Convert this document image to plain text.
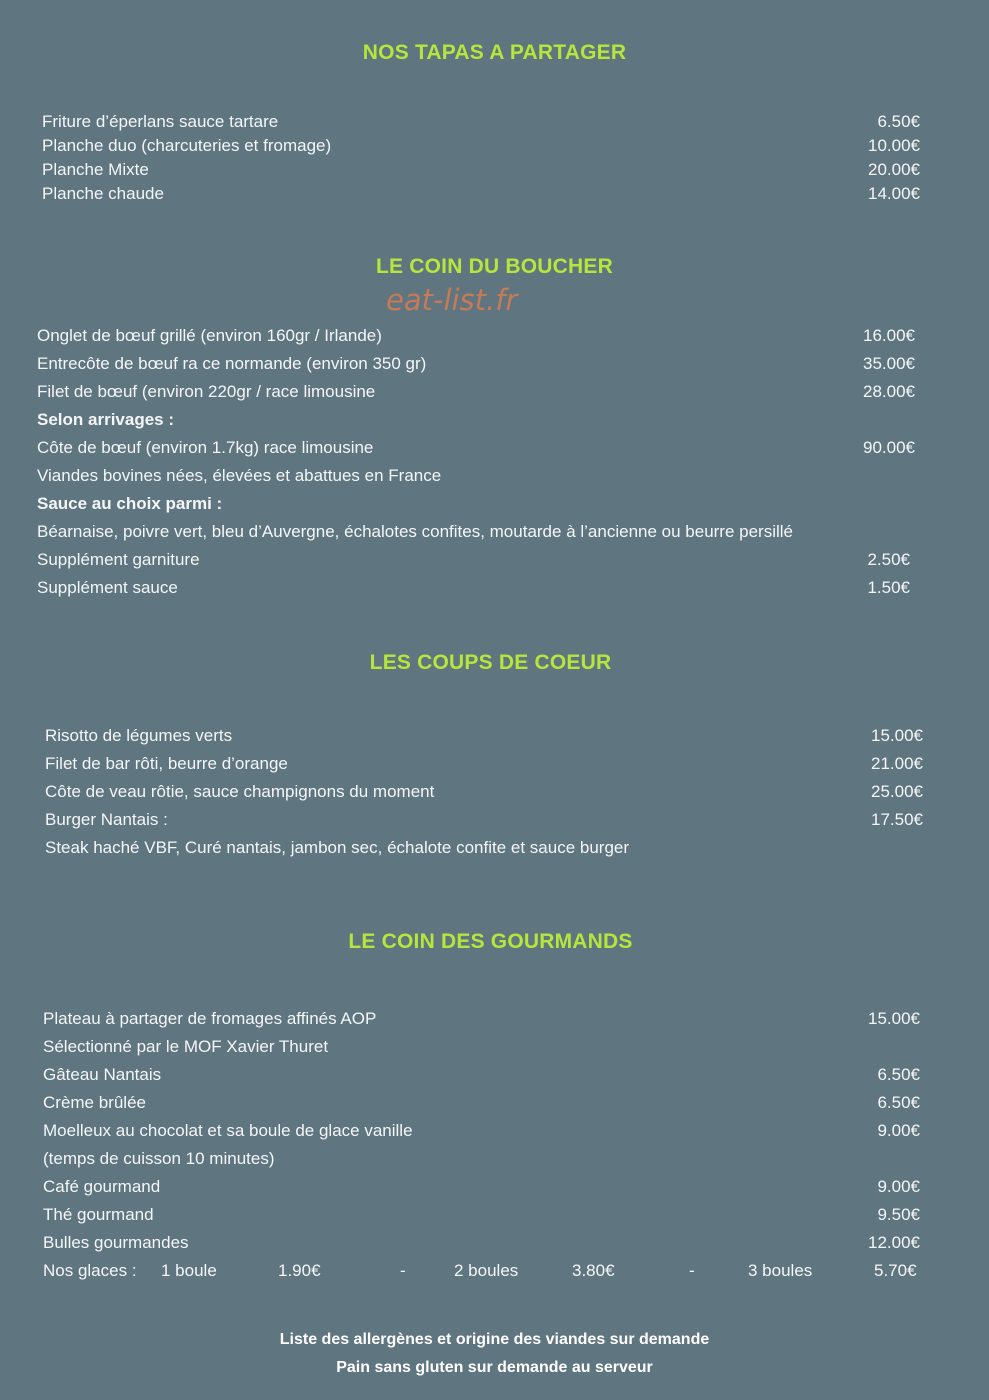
NOS TAPAS A PARTAGER
Friture d’éperlans sauce tartare	6.50€
Planche duo (charcuteries et fromage)	10.00€
Planche Mixte	20.00€
Planche chaude	14.00€
LE COIN DU BOUCHER
eat-list.fr
Onglet de bœuf grillé (environ 160gr / Irlande)	16.00€
Entrecôte de bœuf ra ce normande (environ 350 gr)	35.00€
Filet de bœuf (environ 220gr / race limousine	28.00€
Selon arrivages :
Côte de bœuf (environ 1.7kg) race limousine	90.00€
Viandes bovines nées, élevées et abattues en France
Sauce au choix parmi :
Béarnaise, poivre vert, bleu d’Auvergne, échalotes confites, moutarde à l’ancienne ou beurre persillé
Supplément garniture	2.50€
Supplément sauce	1.50€
LES COUPS DE COEUR
Risotto de légumes verts	15.00€
Filet de bar rôti, beurre d’orange	21.00€
Côte de veau rôtie, sauce champignons du moment	25.00€
Burger Nantais :	17.50€
Steak haché VBF, Curé nantais, jambon sec, échalote confite et sauce burger
LE COIN DES GOURMANDS
Plateau à partager de fromages affinés AOP	15.00€
Sélectionné par le MOF Xavier Thuret
Gâteau Nantais	6.50€
Crème brûlée	6.50€
Moelleux au chocolat et sa boule de glace vanille	9.00€
(temps de cuisson 10 minutes)
Café gourmand	9.00€
Thé gourmand	9.50€
Bulles gourmandes	12.00€
Nos glaces : 1 boule	1.90€	-	2 boules	3.80€	-	3 boules	5.70€
Liste des allergènes et origine des viandes sur demande
Pain sans gluten sur demande au serveur
